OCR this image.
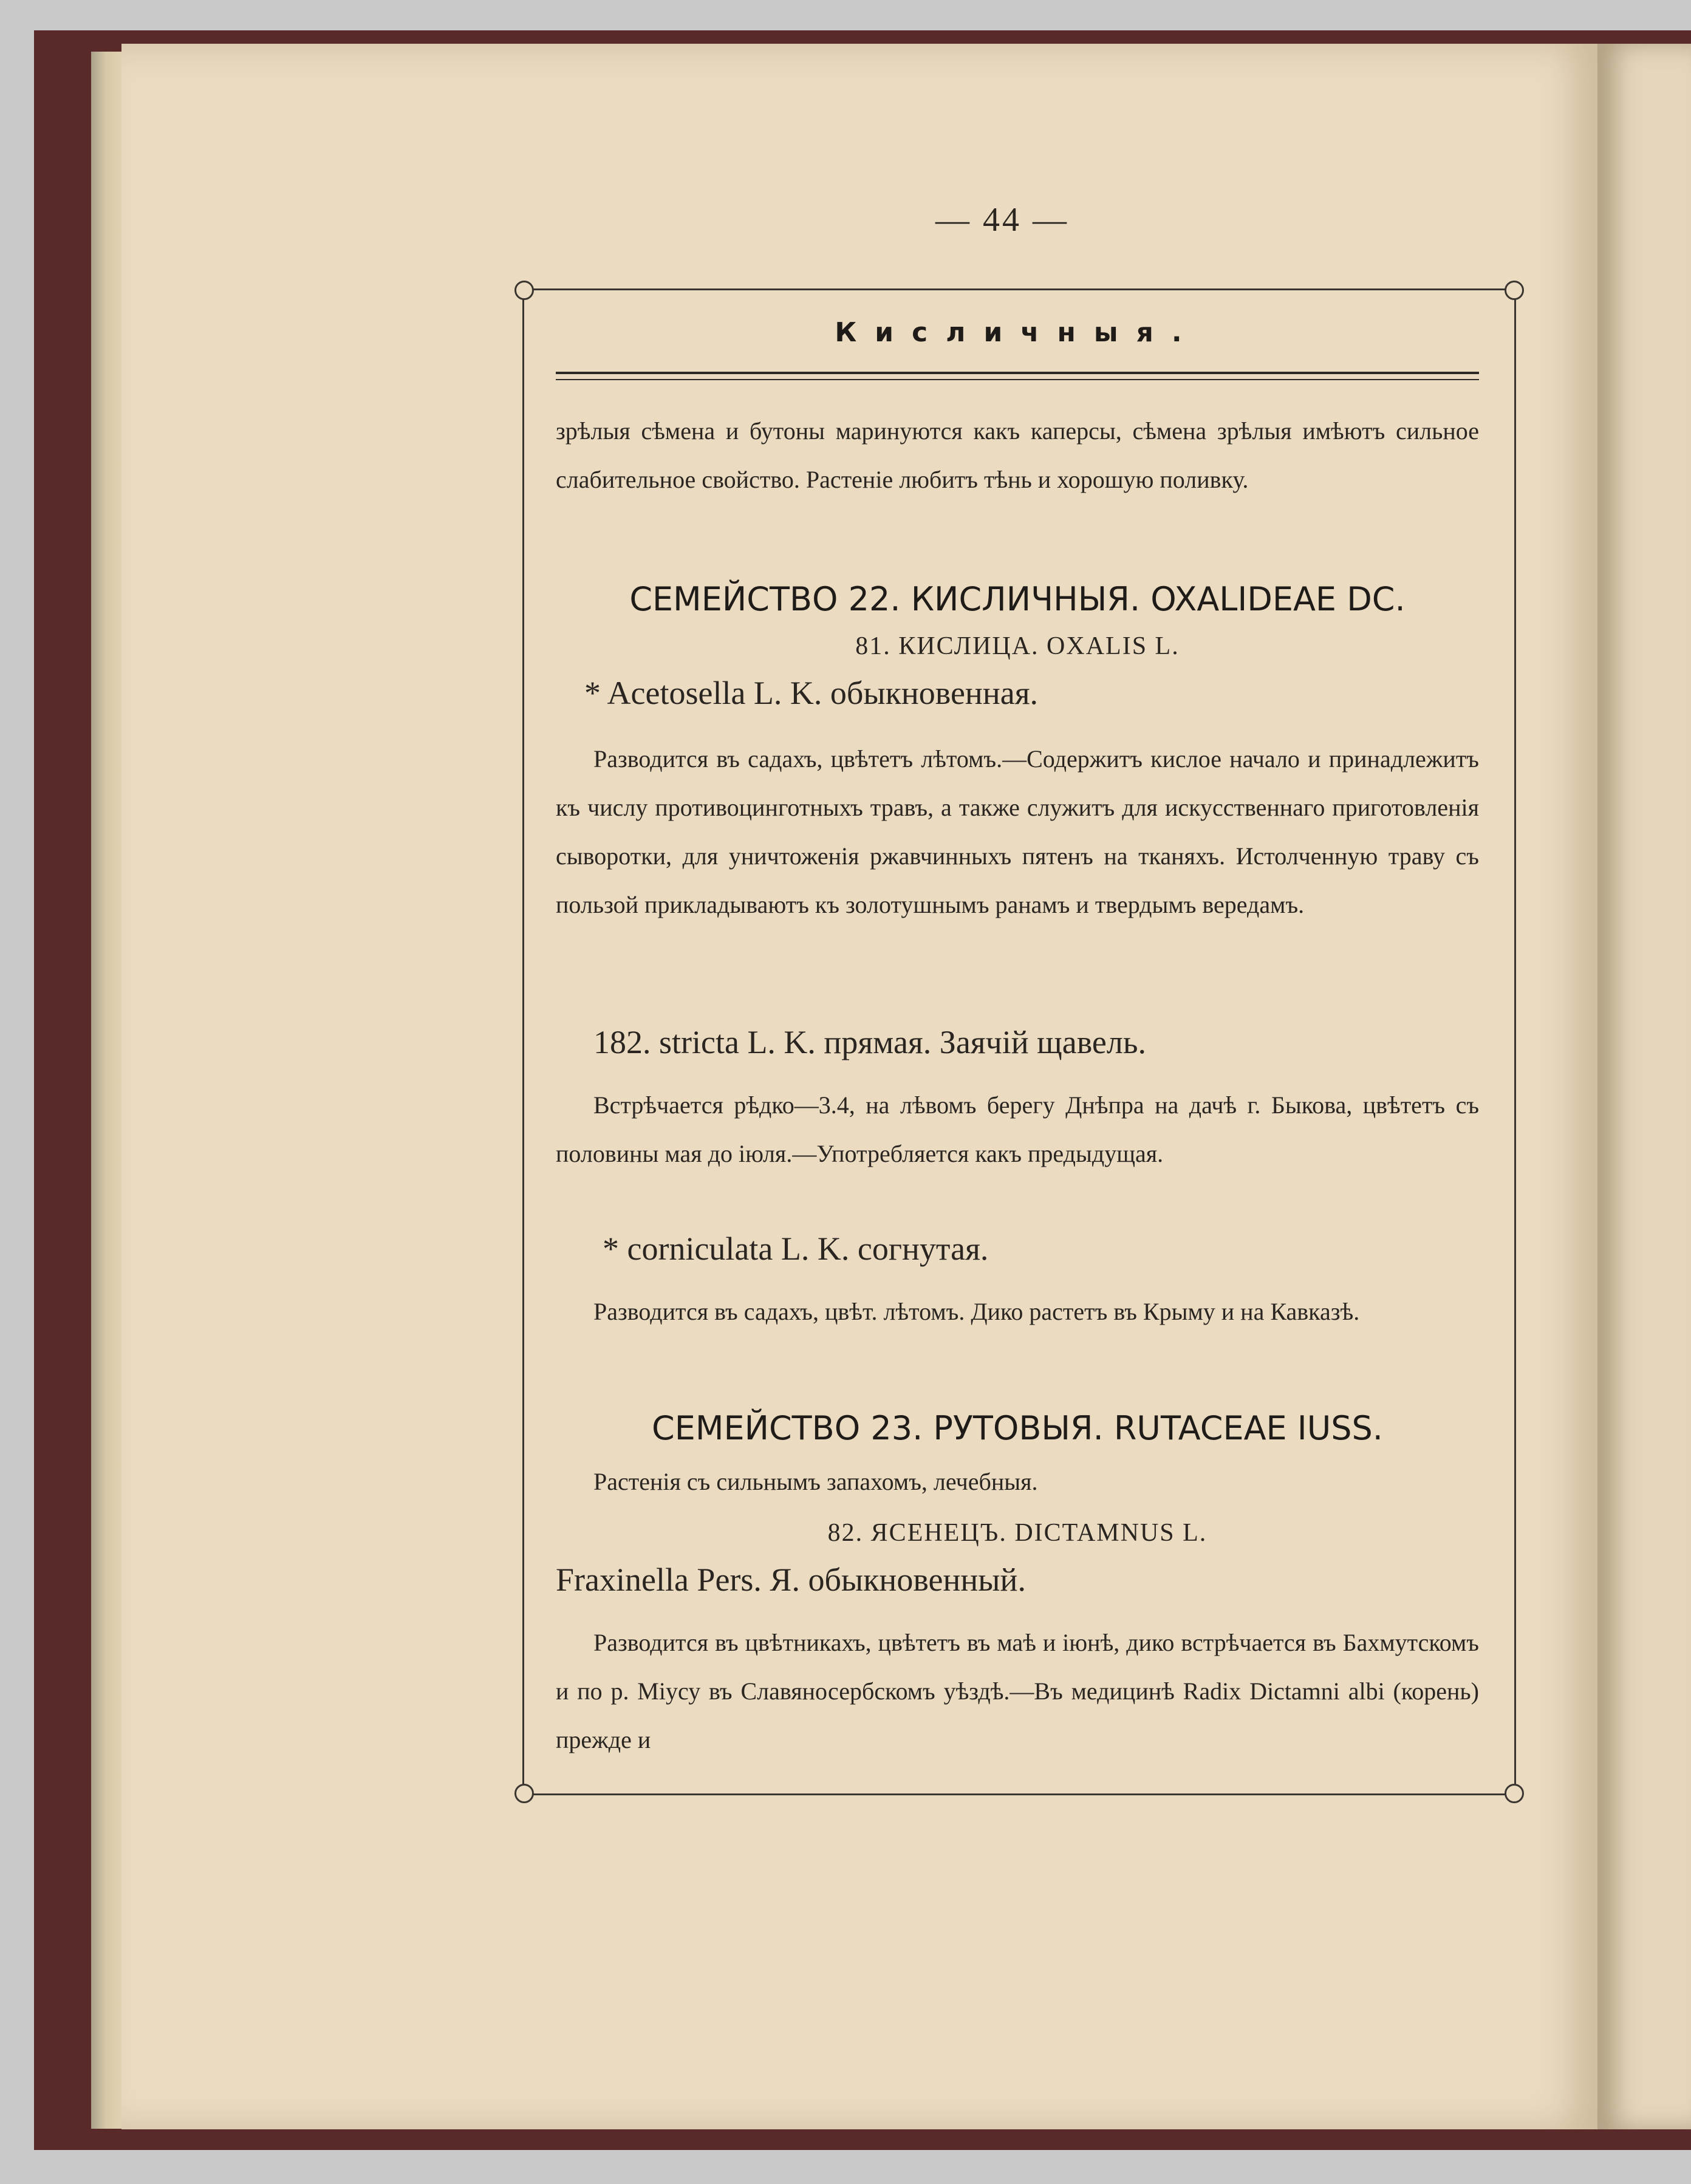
— 44 —
Кисличныя.

зрѣлыя сѣмена и бутоны маринуются какъ каперсы, сѣмена зрѣлыя имѣютъ сильное слабительное свойство. Растеніе любитъ тѣнь и хорошую поливку.

СЕМЕЙСТВО 22. КИСЛИЧНЫЯ. OXALIDEAE DC.

81. КИСЛИЦА. OXALIS L.

* Acetosella L. K. обыкновенная.

Разводится въ садахъ, цвѣтетъ лѣтомъ.—Содержитъ кислое начало и принадлежитъ къ числу противоцинготныхъ травъ, а также служитъ для искусственнаго приготовленія сыворотки, для уничтоженія ржавчинныхъ пятенъ на тканяхъ. Истолченную траву съ пользой прикладываютъ къ золотушнымъ ранамъ и твердымъ вередамъ.

182. stricta L. K. прямая. Заячій щавель.

Встрѣчается рѣдко—3.4, на лѣвомъ берегу Днѣпра на дачѣ г. Быкова, цвѣтетъ съ половины мая до іюля.—Употребляется какъ предыдущая.

* corniculata L. K. согнутая.

Разводится въ садахъ, цвѣт. лѣтомъ. Дико растетъ въ Крыму и на Кавказѣ.

СЕМЕЙСТВО 23. РУТОВЫЯ. RUTACEAE IUSS.

Растенія съ сильнымъ запахомъ, лечебныя.

82. ЯСЕНЕЦЪ. DICTAMNUS L.

Fraxinella Pers. Я. обыкновенный.

Разводится въ цвѣтникахъ, цвѣтетъ въ маѣ и іюнѣ, дико встрѣчается въ Бахмутскомъ и по р. Міусу въ Славяносербскомъ уѣздѣ.—Въ медицинѣ Radix Dictamni albi (корень) прежде и
